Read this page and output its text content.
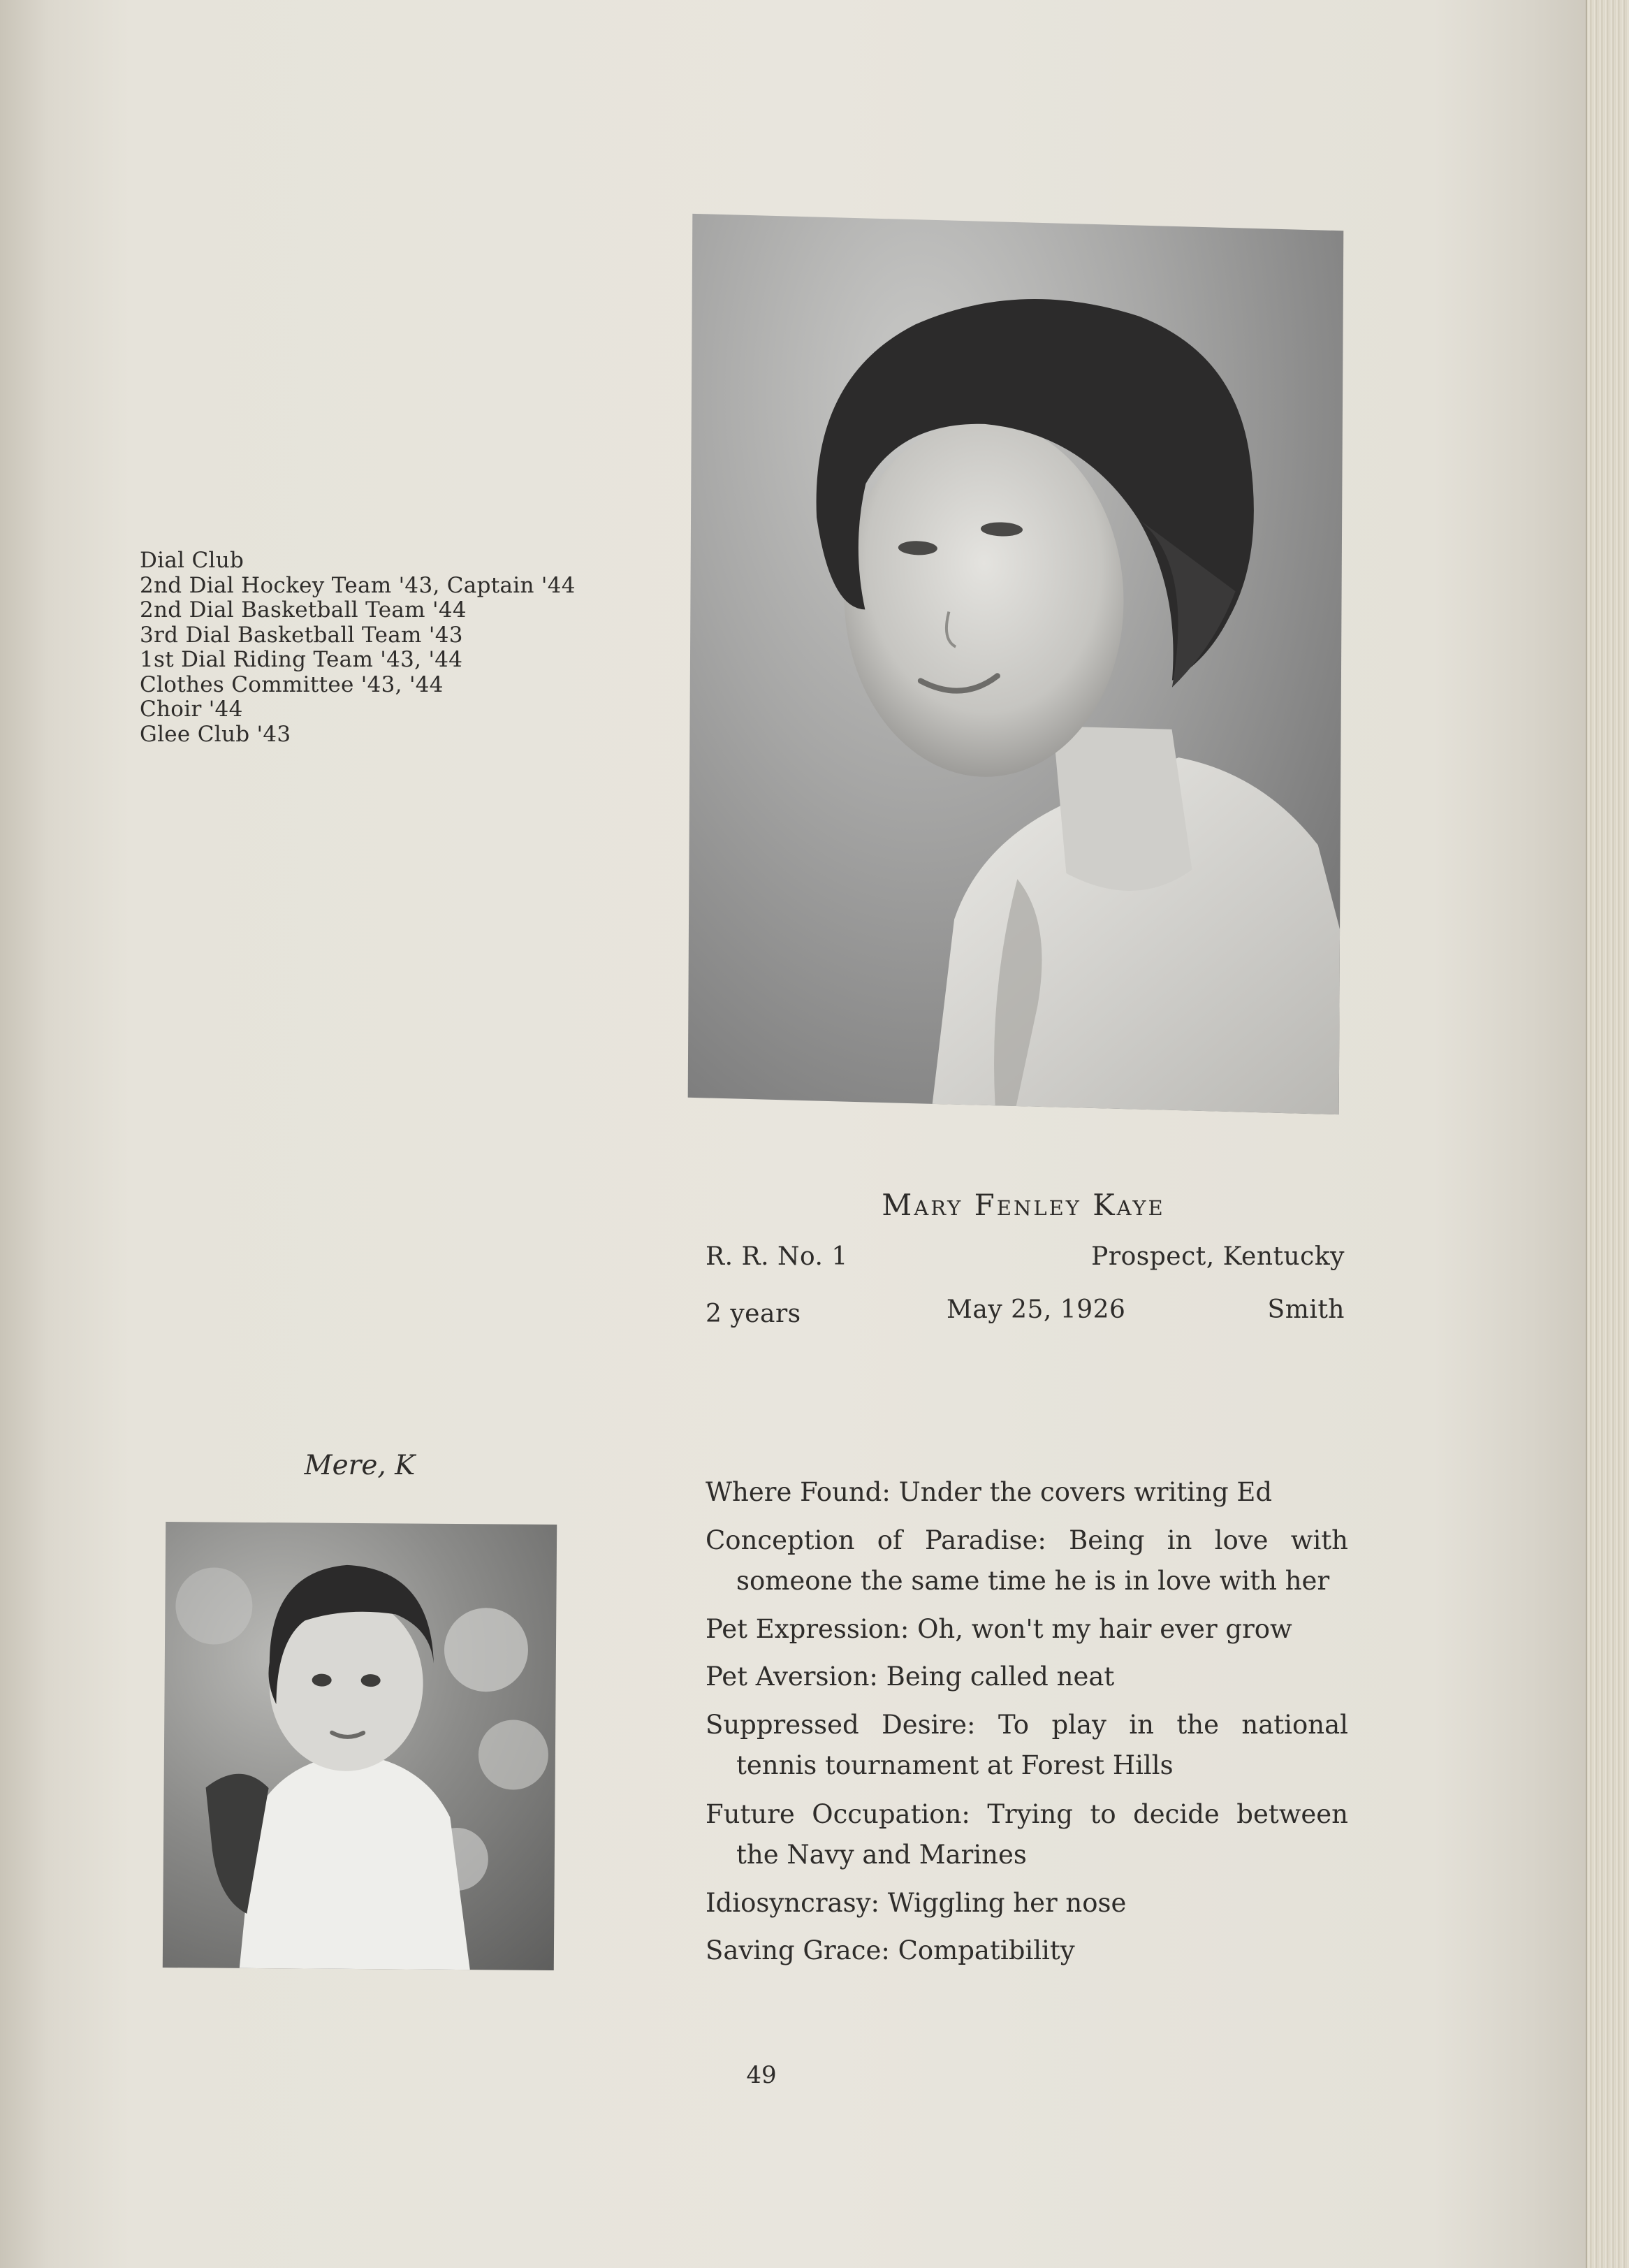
Dial Club
2nd Dial Hockey Team '43, Captain '44
2nd Dial Basketball Team '44
3rd Dial Basketball Team '43
1st Dial Riding Team '43, '44
Clothes Committee '43, '44
Choir '44
Glee Club '43
Mary Fenley Kaye
R. R. No. 1	Prospect, Kentucky
2 years	May 25, 1926	Smith
Mere, K
Where Found: Under the covers writing Ed
Conception of Paradise: Being in love with someone the same time he is in love with her
Pet Expression: Oh, won't my hair ever grow
Pet Aversion: Being called neat
Suppressed Desire: To play in the national tennis tournament at Forest Hills
Future Occupation: Trying to decide between the Navy and Marines
Idiosyncrasy: Wiggling her nose
Saving Grace: Compatibility
49
